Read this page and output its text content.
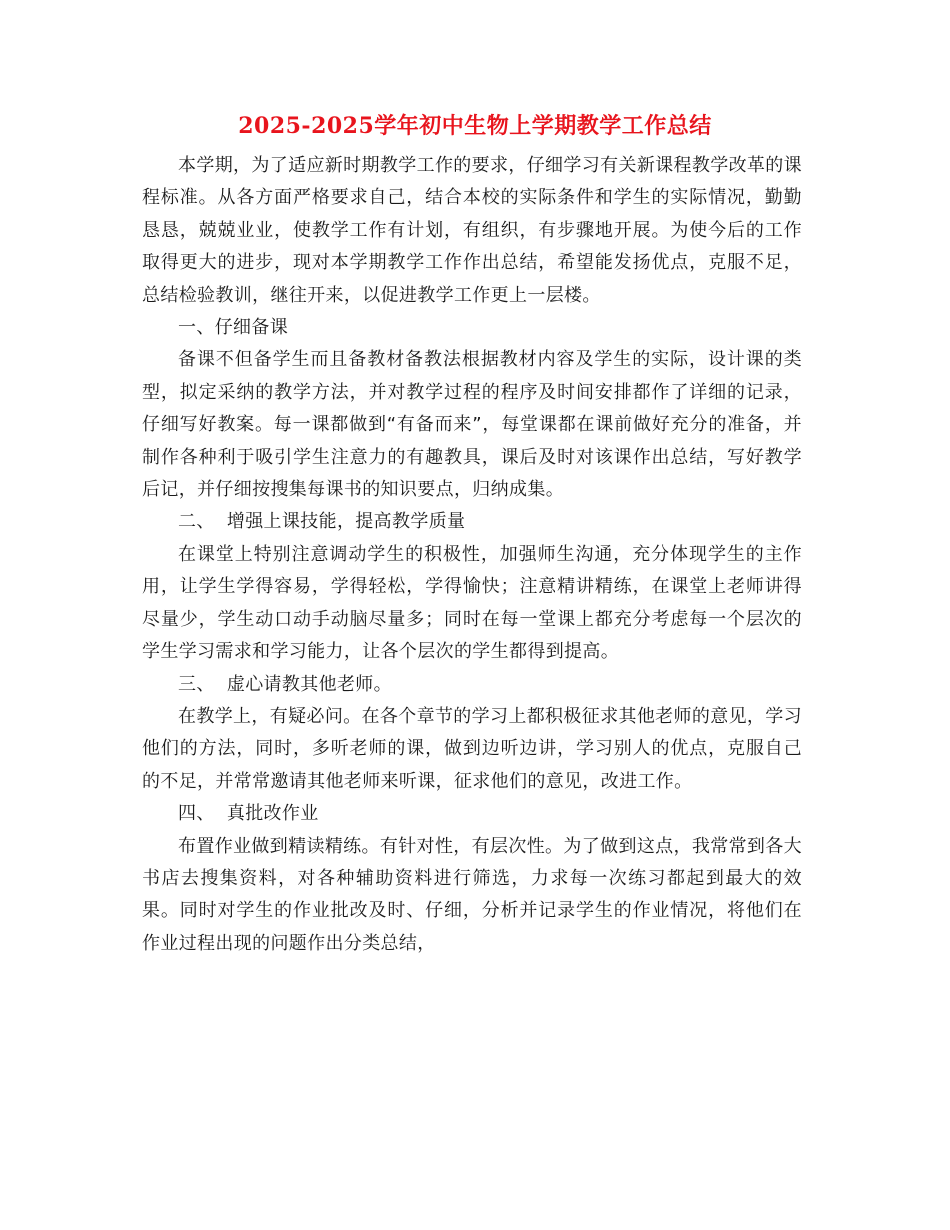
2025-2025学年初中生物上学期教学工作总结

本学期，为了适应新时期教学工作的要求，仔细学习有关新课程教学改革的课程标准。从各方面严格要求自己，结合本校的实际条件和学生的实际情况，勤勤恳恳，兢兢业业，使教学工作有计划，有组织，有步骤地开展。为使今后的工作取得更大的进步，现对本学期教学工作作出总结，希望能发扬优点，克服不足，总结检验教训，继往开来，以促进教学工作更上一层楼。

一、仔细备课

备课不但备学生而且备教材备教法根据教材内容及学生的实际，设计课的类型，拟定采纳的教学方法，并对教学过程的程序及时间安排都作了详细的记录，仔细写好教案。每一课都做到“有备而来”，每堂课都在课前做好充分的准备，并制作各种利于吸引学生注意力的有趣教具，课后及时对该课作出总结，写好教学后记，并仔细按搜集每课书的知识要点，归纳成集。

二、  增强上课技能，提高教学质量

在课堂上特别注意调动学生的积极性，加强师生沟通，充分体现学生的主作用，让学生学得容易，学得轻松，学得愉快；注意精讲精练，在课堂上老师讲得尽量少，学生动口动手动脑尽量多；同时在每一堂课上都充分考虑每一个层次的学生学习需求和学习能力，让各个层次的学生都得到提高。

三、  虚心请教其他老师。

在教学上，有疑必问。在各个章节的学习上都积极征求其他老师的意见，学习他们的方法，同时，多听老师的课，做到边听边讲，学习别人的优点，克服自己的不足，并常常邀请其他老师来听课，征求他们的意见，改进工作。

四、  真批改作业

布置作业做到精读精练。有针对性，有层次性。为了做到这点，我常常到各大书店去搜集资料，对各种辅助资料进行筛选，力求每一次练习都起到最大的效果。同时对学生的作业批改及时、仔细，分析并记录学生的作业情况，将他们在作业过程出现的问题作出分类总结，
